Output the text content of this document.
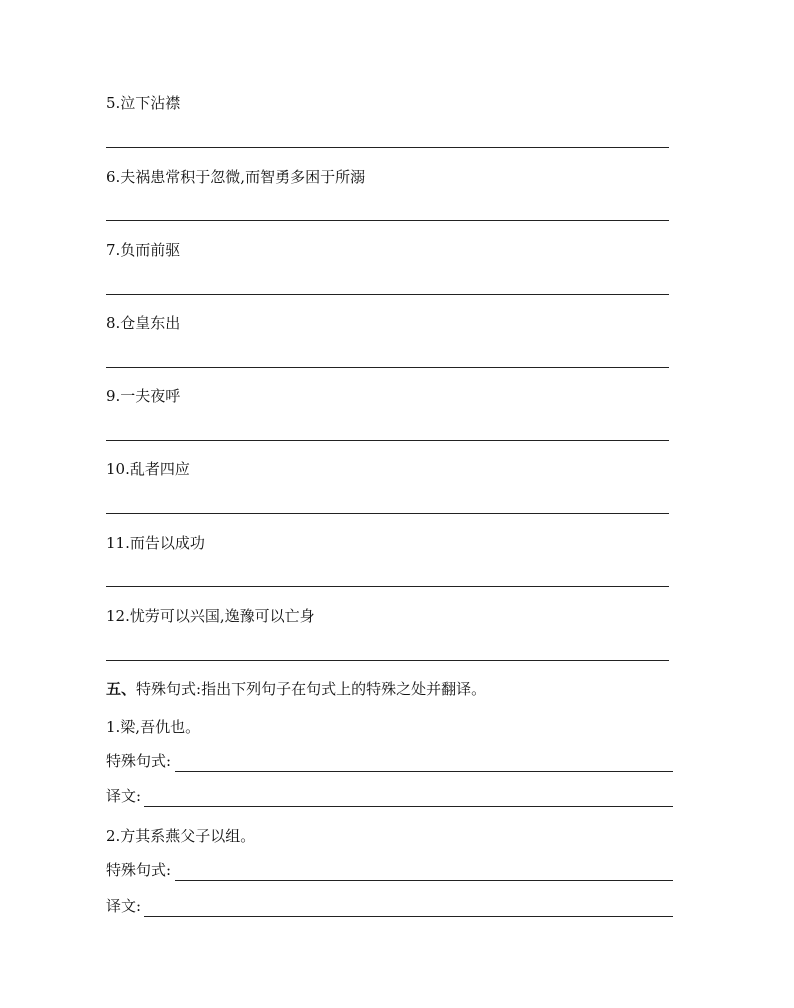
5.泣下沾襟
6.夫祸患常积于忽微,而智勇多困于所溺
7.负而前驱
8.仓皇东出
9.一夫夜呼
10.乱者四应
11.而告以成功
12.忧劳可以兴国,逸豫可以亡身
五、特殊句式:指出下列句子在句式上的特殊之处并翻译。
1.梁,吾仇也。
特殊句式:
译文:
2.方其系燕父子以组。
特殊句式:
译文:
